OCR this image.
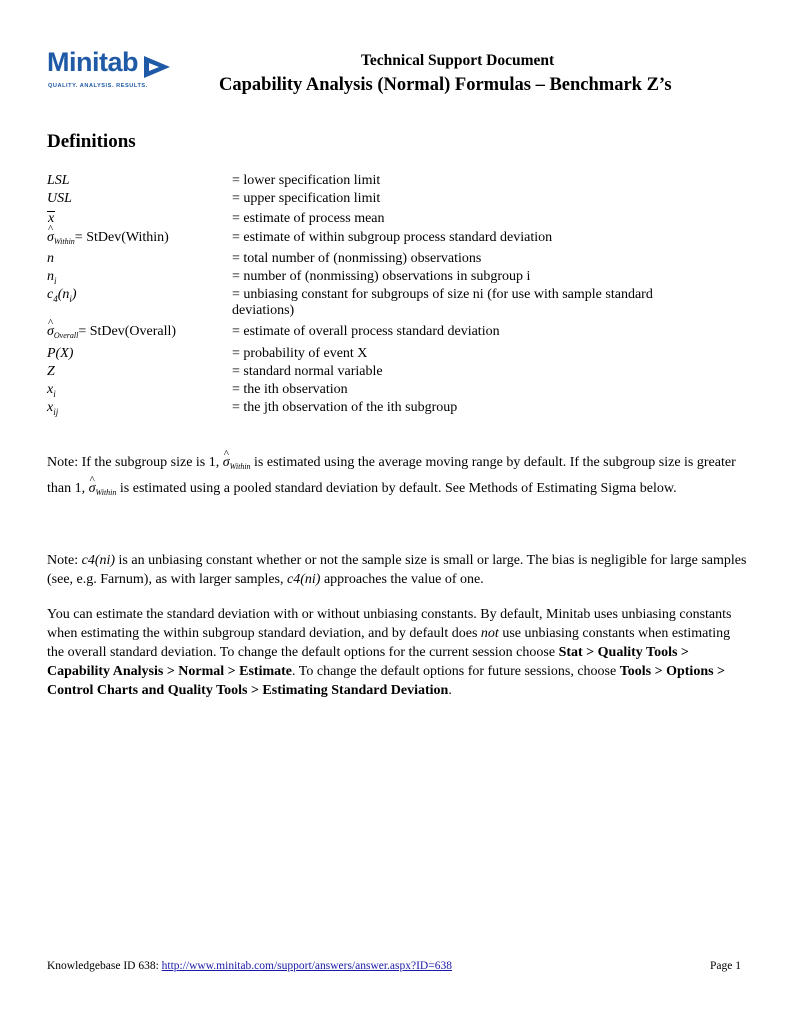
Minitab
QUALITY. ANALYSIS. RESULTS.
Technical Support Document
Capability Analysis (Normal) Formulas – Benchmark Z’s
Definitions
LSL	= lower specification limit
USL	= upper specification limit
x	= estimate of process mean
^ $\sigma_{Within}=$ StDev(Within)	= estimate of within subgroup process standard deviation
n	= total number of (nonmissing) observations
$n_i$	= number of (nonmissing) observations in subgroup i
$c_4(n_i)$	= unbiasing constant for subgroups of size ni (for use with sample standard deviations)
^ $\sigma_{Overall}=$ StDev(Overall)	= estimate of overall process standard deviation
P(X)	= probability of event X
Z	= standard normal variable
$x_i$	= the ith observation
$x_{ij}$	= the jth observation of the ith subgroup

Note: If the subgroup size is 1, ^ $\sigma_{Within}$ is estimated using the average moving range by default. If the subgroup size is greater than 1, ^ $\sigma_{Within}$ is estimated using a pooled standard deviation by default. See Methods of Estimating Sigma below.

Note: c4(ni) is an unbiasing constant whether or not the sample size is small or large. The bias is negligible for large samples (see, e.g. Farnum), as with larger samples, c4(ni) approaches the value of one.

You can estimate the standard deviation with or without unbiasing constants. By default, Minitab uses unbiasing constants when estimating the within subgroup standard deviation, and by default does not use unbiasing constants when estimating the overall standard deviation. To change the default options for the current session choose Stat > Quality Tools > Capability Analysis > Normal > Estimate. To change the default options for future sessions, choose Tools > Options > Control Charts and Quality Tools > Estimating Standard Deviation.

Knowledgebase ID 638: http://www.minitab.com/support/answers/answer.aspx?ID=638	Page 1
